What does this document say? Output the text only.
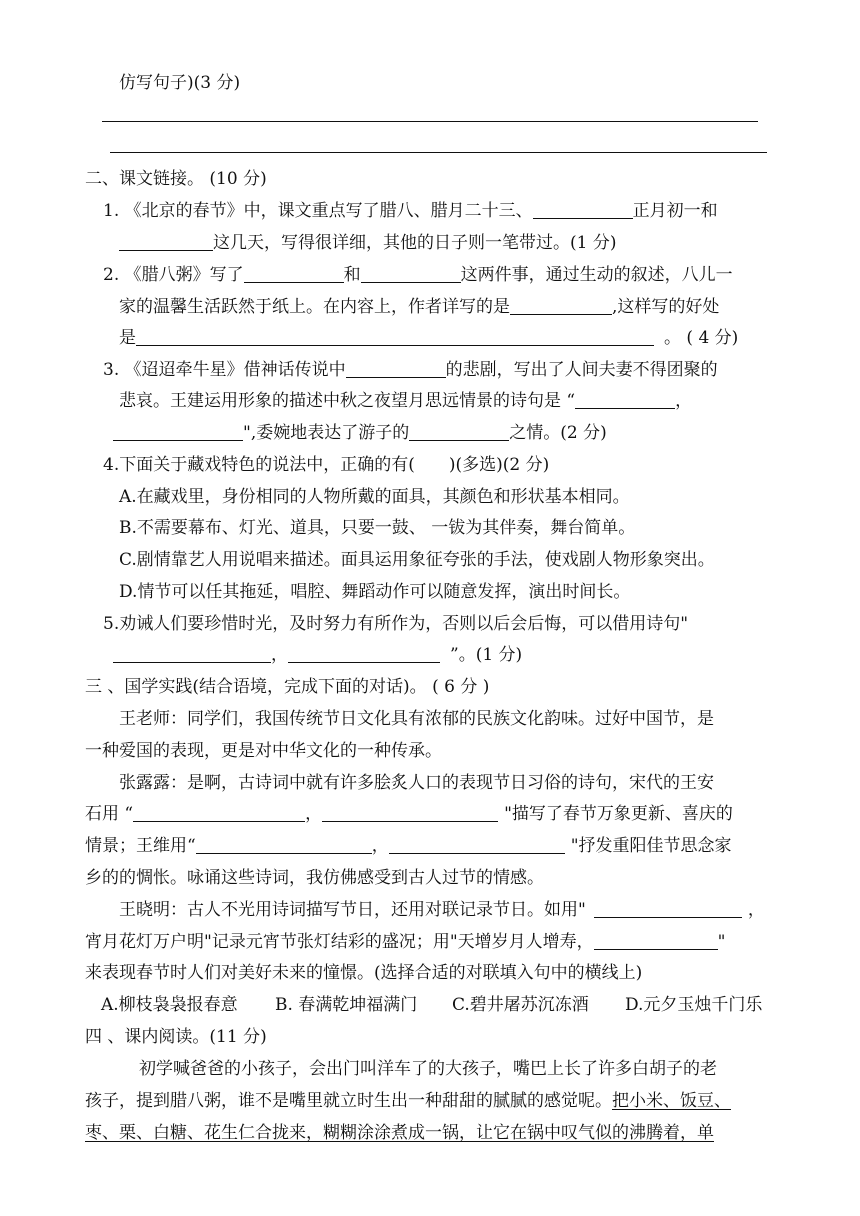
仿写句子)(3 分)
二、课文链接。 (10 分)
1. 《北京的春节》中，课文重点写了腊八、腊月二十三、	正月初一和
这几天，写得很详细，其他的日子则一笔带过。(1 分)
2. 《腊八粥》写了	和	这两件事，通过生动的叙述，八儿一
家的温馨生活跃然于纸上。在内容上，作者详写的是	,这样写的好处
是	。 ( 4 分)
3. 《迢迢牵牛星》借神话传说中	的悲剧，写出了人间夫妻不得团聚的
悲哀。王建运用形象的描述中秋之夜望月思远情景的诗句是 “	，
",委婉地表达了游子的	之情。(2 分)
4.下面关于藏戏特色的说法中，正确的有(　　)(多选)(2 分)
A.在藏戏里，身份相同的人物所戴的面具，其颜色和形状基本相同。
B.不需要幕布、灯光、道具，只要一鼓、 一钹为其伴奏，舞台简单。
C.剧情靠艺人用说唱来描述。面具运用象征夸张的手法，使戏剧人物形象突出。
D.情节可以任其拖延，唱腔、舞蹈动作可以随意发挥，演出时间长。
5.劝诫人们要珍惜时光，及时努力有所作为，否则以后会后悔，可以借用诗句"
，	”。(1 分)
三 、国学实践(结合语境，完成下面的对话)。 ( 6 分 )
王老师：同学们，我国传统节日文化具有浓郁的民族文化韵味。过好中国节，是
一种爱国的表现，更是对中华文化的一种传承。
张露露：是啊，古诗词中就有许多脍炙人口的表现节日习俗的诗句，宋代的王安
石用 “	，	"描写了春节万象更新、喜庆的
情景；王维用“	，	"抒发重阳佳节思念家
乡的的惆怅。咏诵这些诗词，我仿佛感受到古人过节的情感。
王晓明：古人不光用诗词描写节日，还用对联记录节日。如用"	，
宵月花灯万户明"记录元宵节张灯结彩的盛况；用"天增岁月人增寿，	"
来表现春节时人们对美好未来的憧憬。(选择合适的对联填入句中的横线上)
A.柳枝袅袅报春意 B. 春满乾坤福满门 C.碧井屠苏沉冻酒 D.元夕玉烛千门乐
四 、课内阅读。(11 分)
初学喊爸爸的小孩子，会出门叫洋车了的大孩子，嘴巴上长了许多白胡子的老
孩子，提到腊八粥，谁不是嘴里就立时生出一种甜甜的腻腻的感觉呢。把小米、饭豆、
枣、栗、白糖、花生仁合拢来，糊糊涂涂煮成一锅，让它在锅中叹气似的沸腾着，单
